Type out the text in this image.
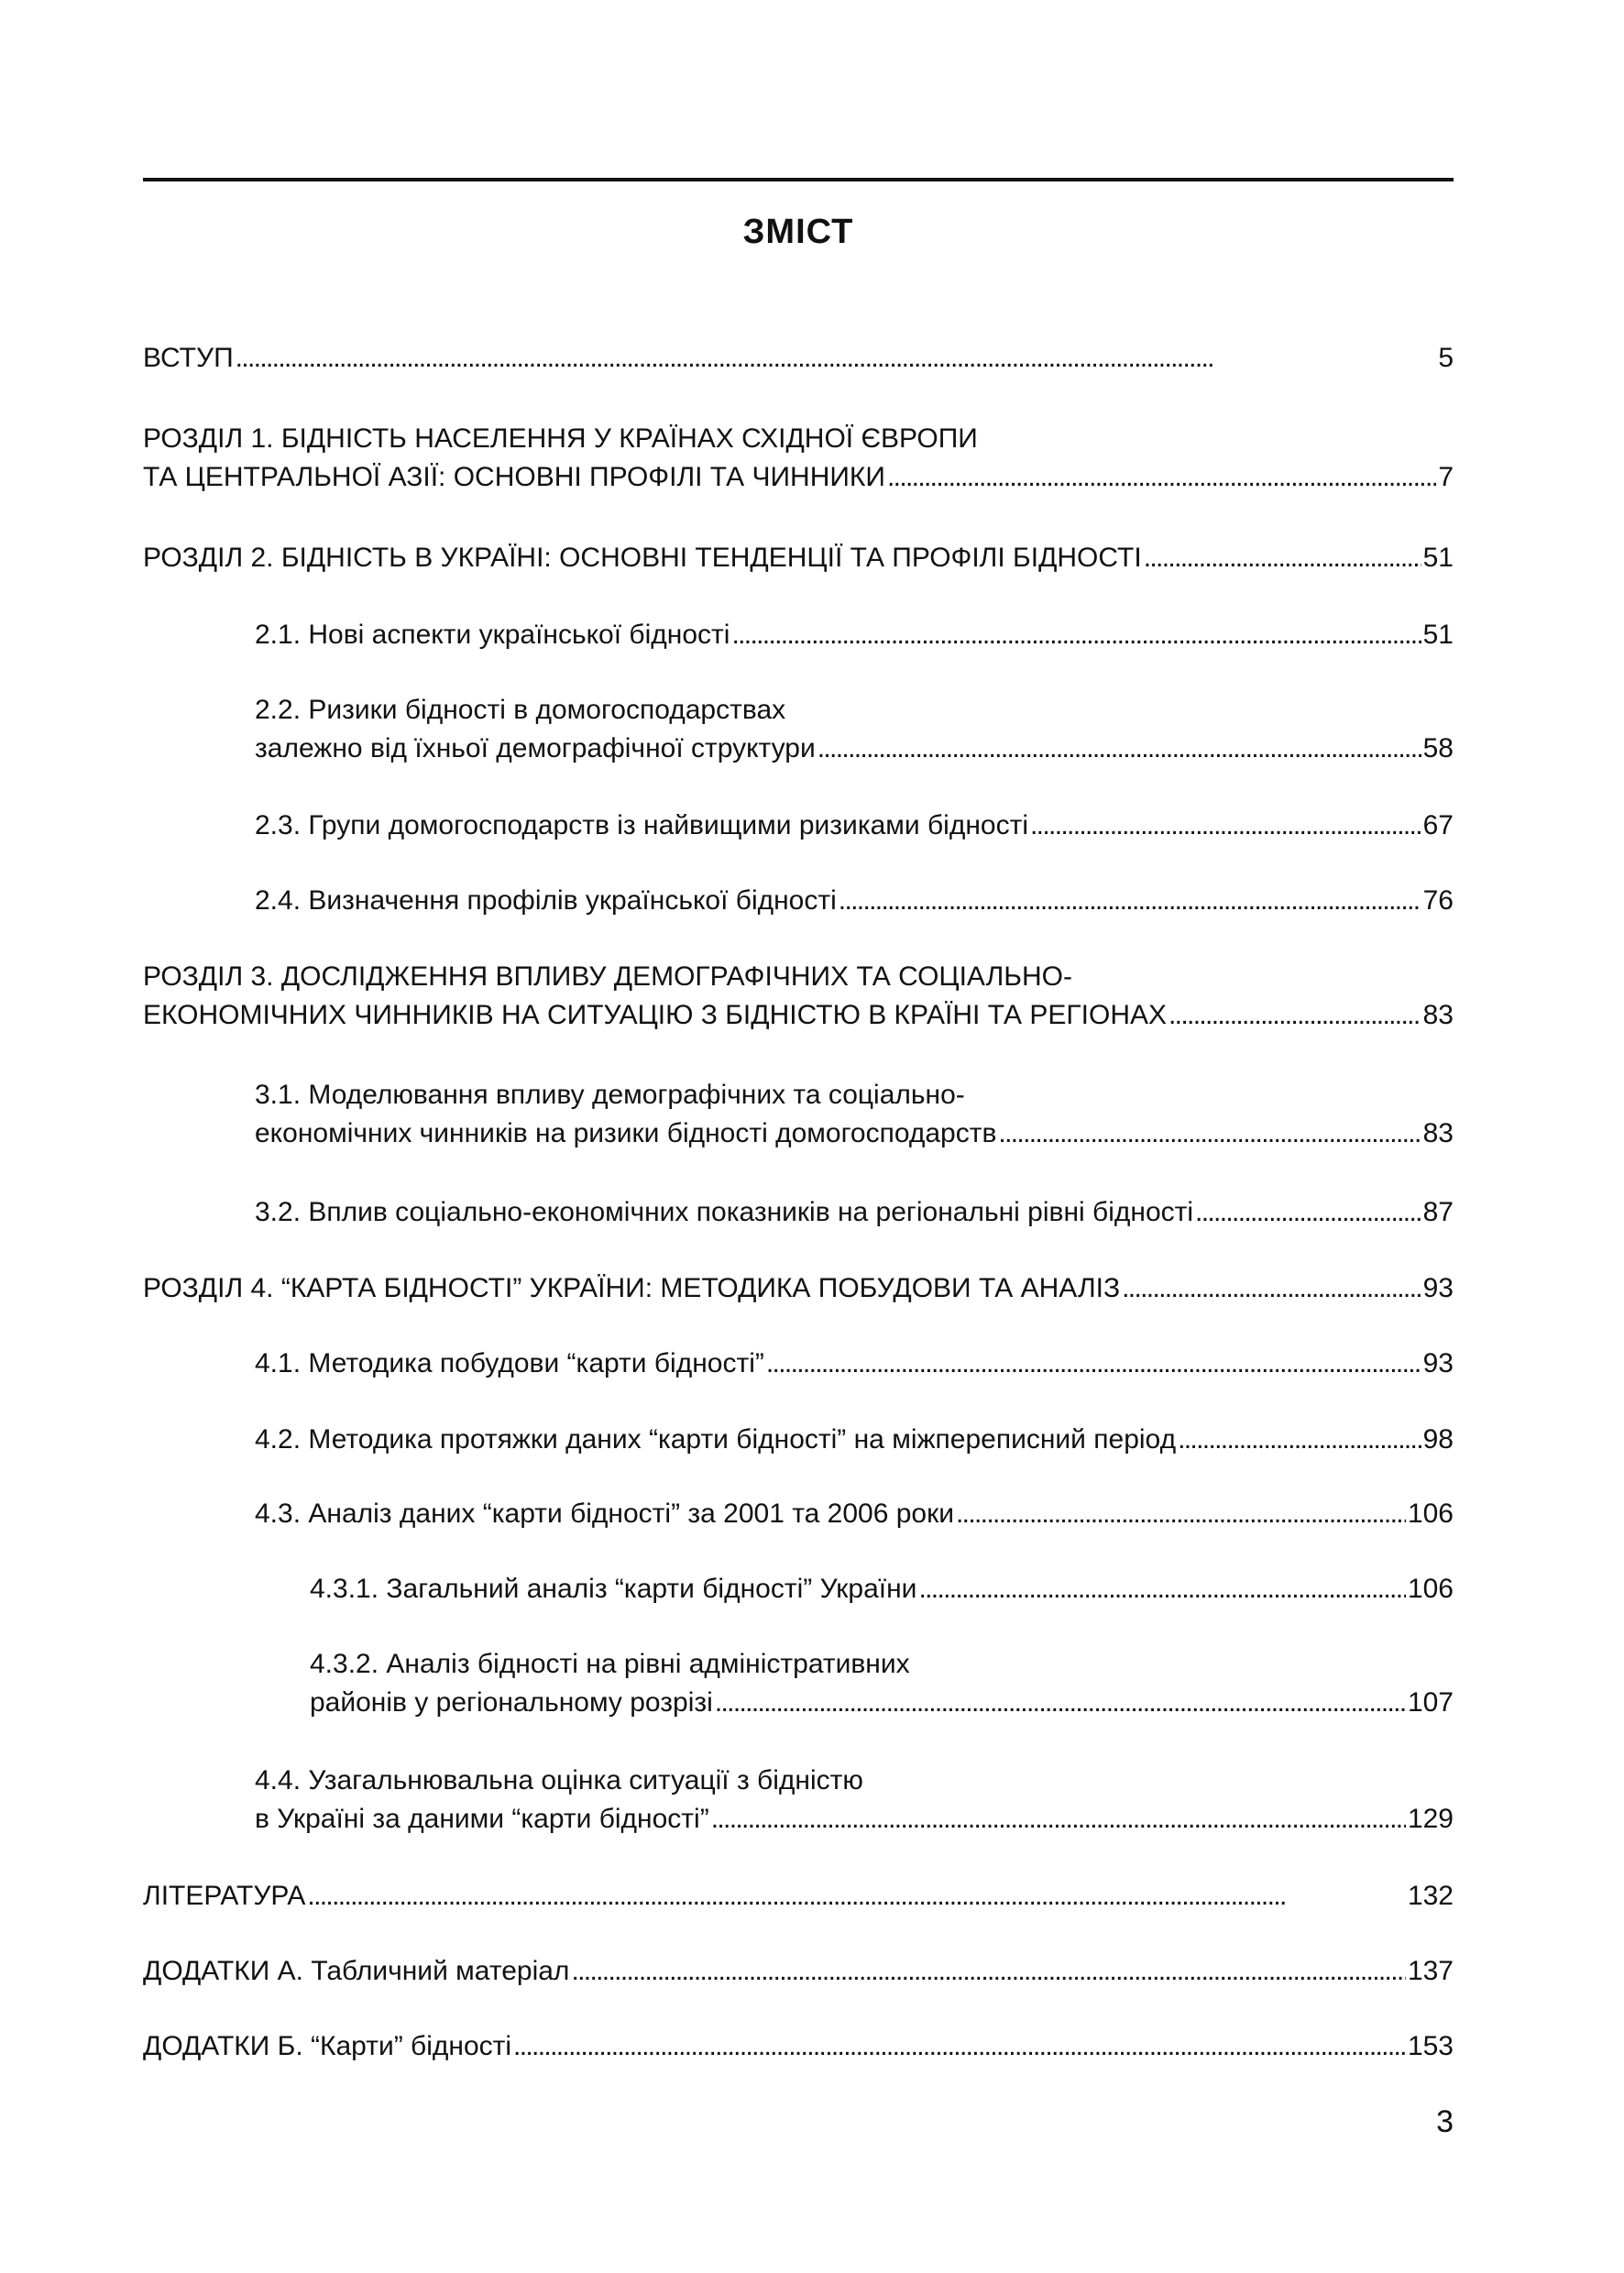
ЗМІСТ
ВСТУП . . .	5
РОЗДІЛ 1. БІДНІСТЬ НАСЕЛЕННЯ У КРАЇНАХ СХІДНОЇ ЄВРОПИ
ТА ЦЕНТРАЛЬНОЇ АЗІЇ: ОСНОВНІ ПРОФІЛІ ТА ЧИННИКИ . . .	7
РОЗДІЛ 2. БІДНІСТЬ В УКРАЇНІ: ОСНОВНІ ТЕНДЕНЦІЇ ТА ПРОФІЛІ БІДНОСТІ . . .	51
2.1. Нові аспекти української бідності . . .	51
2.2. Ризики бідності в домогосподарствах
залежно від їхньої демографічної структури . . .	58
2.3. Групи домогосподарств із найвищими ризиками бідності . . .	67
2.4. Визначення профілів української бідності . . .	76
РОЗДІЛ 3. ДОСЛІДЖЕННЯ ВПЛИВУ ДЕМОГРАФІЧНИХ ТА СОЦІАЛЬНО-
ЕКОНОМІЧНИХ ЧИННИКІВ НА СИТУАЦІЮ З БІДНІСТЮ В КРАЇНІ ТА РЕГІОНАХ . . .	83
3.1. Моделювання впливу демографічних та соціально-
економічних чинників на ризики бідності домогосподарств . . .	83
3.2. Вплив соціально-економічних показників на регіональні рівні бідності . . .	87
РОЗДІЛ 4. “КАРТА БІДНОСТІ” УКРАЇНИ: МЕТОДИКА ПОБУДОВИ ТА АНАЛІЗ . . .	93
4.1. Методика побудови “карти бідності” . . .	93
4.2. Методика протяжки даних “карти бідності” на міжпереписний період . . .	98
4.3. Аналіз даних “карти бідності” за 2001 та 2006 роки . . .	106
4.3.1. Загальний аналіз “карти бідності” України . . .	106
4.3.2. Аналіз бідності на рівні адміністративних
районів у регіональному розрізі . . .	107
4.4. Узагальнювальна оцінка ситуації з бідністю
в Україні за даними “карти бідності” . . .	129
ЛІТЕРАТУРА . . .	132
ДОДАТКИ А. Табличний матеріал . . .	137
ДОДАТКИ Б. “Карти” бідності . . .	153
3
